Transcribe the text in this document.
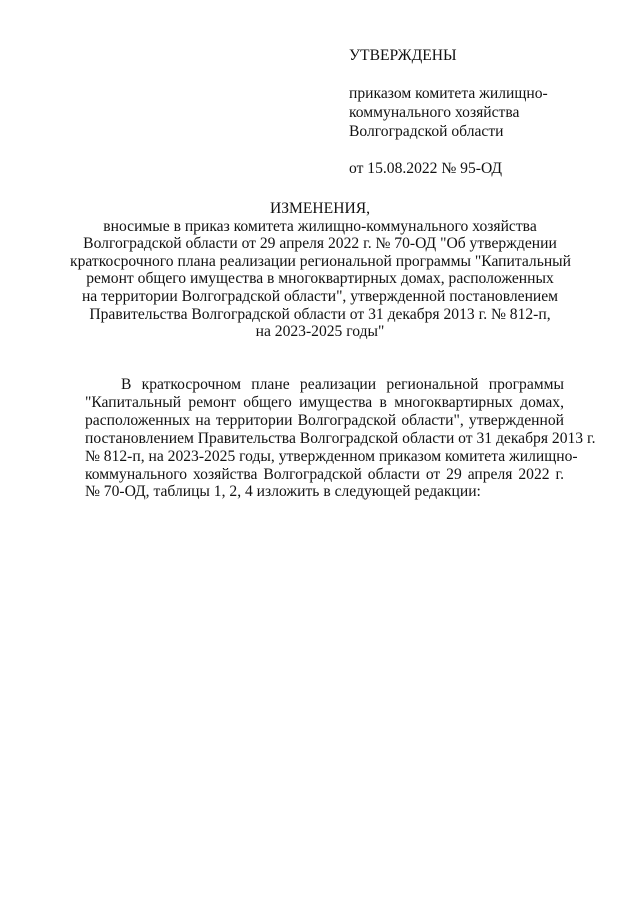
УТВЕРЖДЕНЫ
приказом комитета жилищно-
коммунального хозяйства
Волгоградской области
от 15.08.2022 № 95-ОД
ИЗМЕНЕНИЯ,
вносимые в приказ комитета жилищно-коммунального хозяйства
Волгоградской области от 29 апреля 2022 г. № 70-ОД "Об утверждении
краткосрочного плана реализации региональной программы "Капитальный
ремонт общего имущества в многоквартирных домах, расположенных
на территории Волгоградской области", утвержденной постановлением
Правительства Волгоградской области от 31 декабря 2013 г. № 812-п,
на 2023-2025 годы"
В краткосрочном плане реализации региональной программы
"Капитальный ремонт общего имущества в многоквартирных домах,
расположенных на территории Волгоградской области", утвержденной
постановлением Правительства Волгоградской области от 31 декабря 2013 г.
№ 812-п, на 2023-2025 годы, утвержденном приказом комитета жилищно-
коммунального хозяйства Волгоградской области от 29 апреля 2022 г.
№ 70-ОД, таблицы 1, 2, 4 изложить в следующей редакции:
